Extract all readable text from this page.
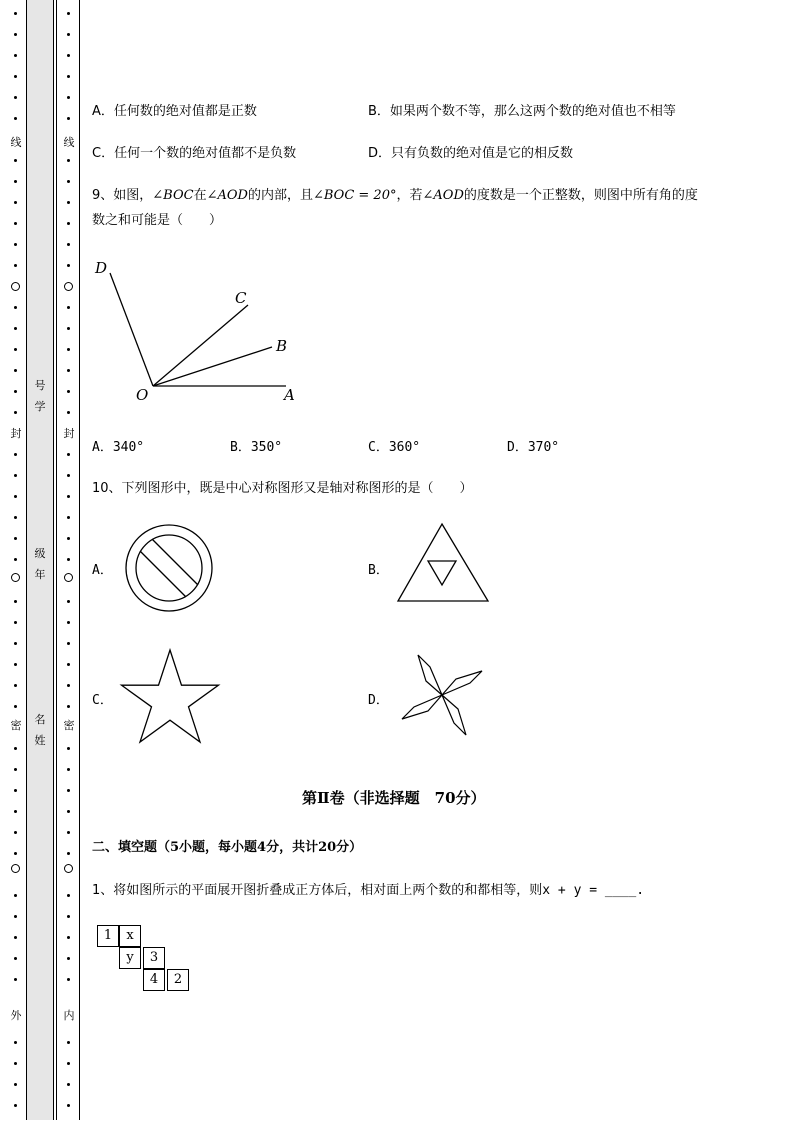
线
封
密
外
线
封
密
内
号
学
级
年
名
姓
A．任何数的绝对值都是正数	B．如果两个数不等，那么这两个数的绝对值也不相等
C．任何一个数的绝对值都不是负数	D．只有负数的绝对值是它的相反数
9、如图，∠BOC在∠AOD的内部，且∠BOC = 20°，若∠AOD的度数是一个正整数，则图中所有角的度
数之和可能是（　　）
D
C
B
O	A
A．340°	B．350°	C．360°	D．370°
10、下列图形中，既是中心对称图形又是轴对称图形的是（　　）
A．	B．
C．	D．
第Ⅱ卷（非选择题　70分）
二、填空题（5小题，每小题4分，共计20分）
1、将如图所示的平面展开图折叠成正方体后，相对面上两个数的和都相等，则x + y = ____.
1	x
y	3
4	2
